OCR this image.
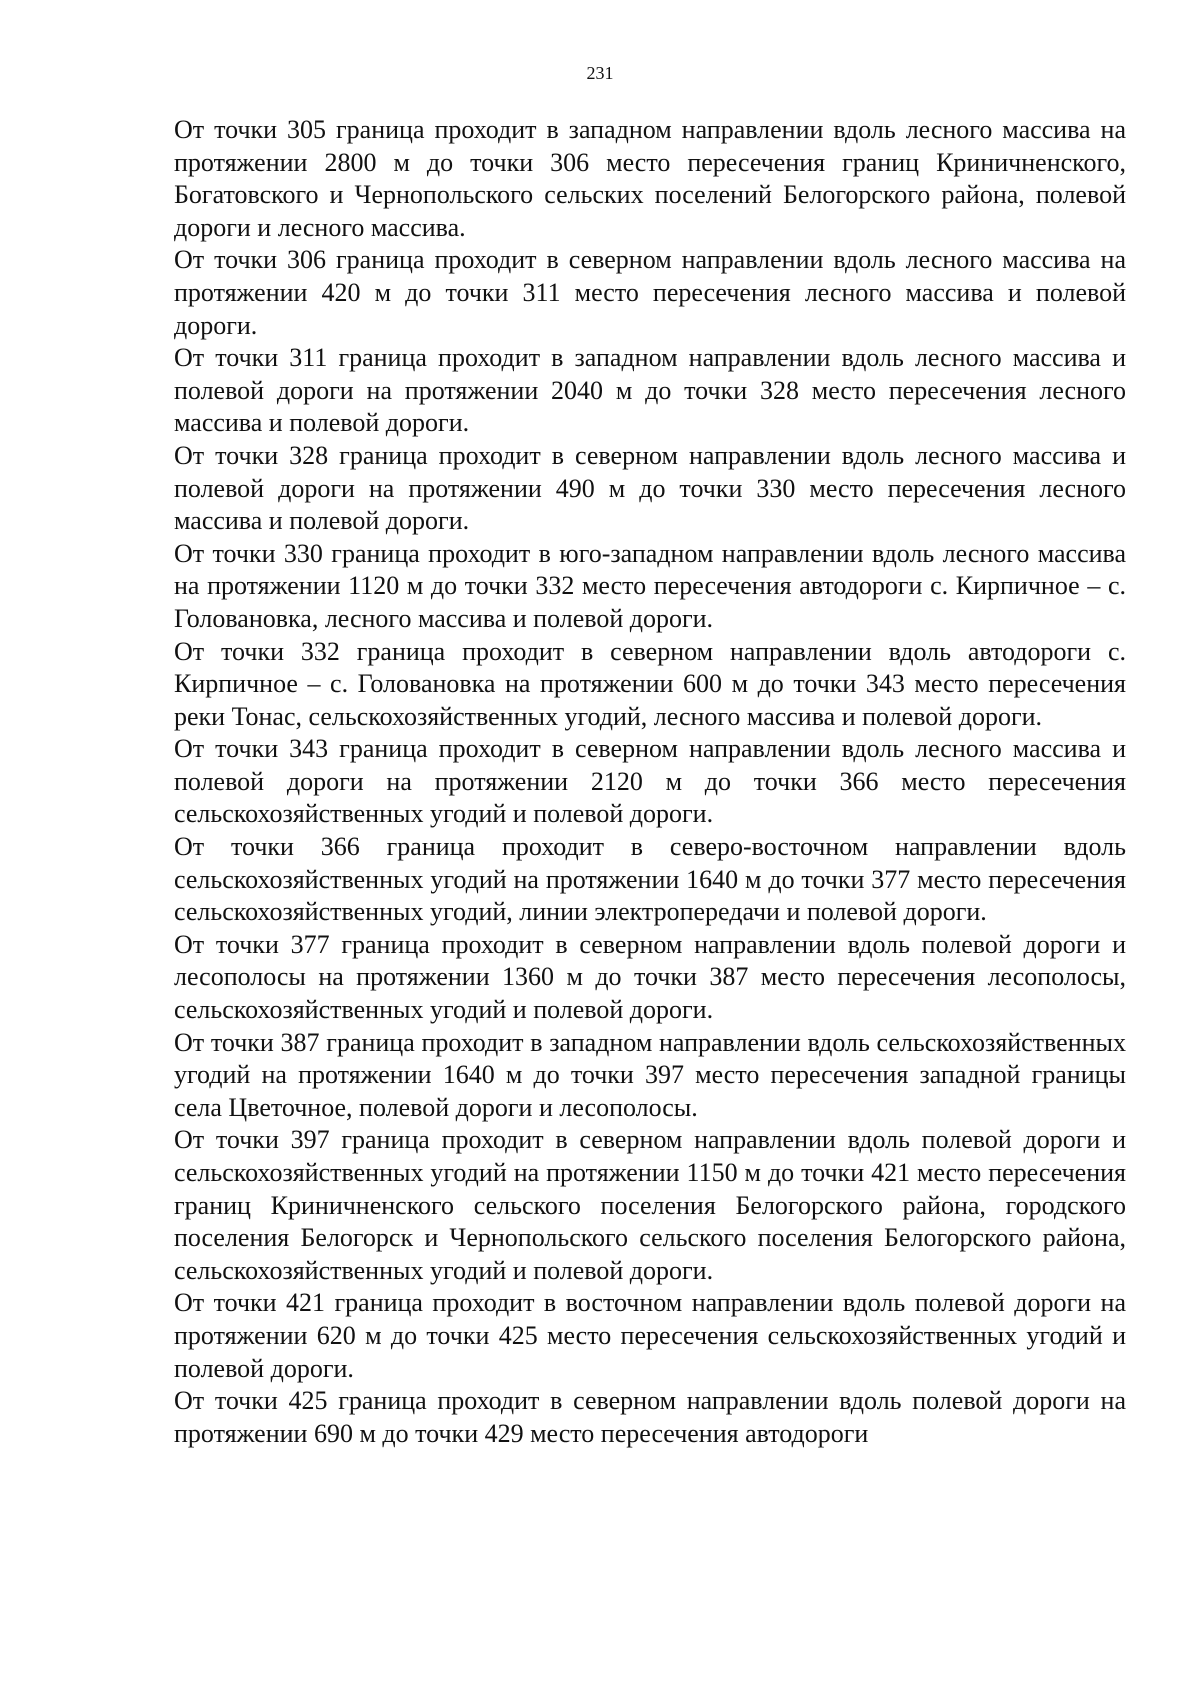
231

От точки 305 граница проходит в западном направлении вдоль лесного массива на протяжении 2800 м до точки 306 место пересечения границ Криничненского, Богатовского и Чернопольского сельских поселений Белогорского района, полевой дороги и лесного массива.

От точки 306 граница проходит в северном направлении вдоль лесного массива на протяжении 420 м до точки 311 место пересечения лесного массива и полевой дороги.

От точки 311 граница проходит в западном направлении вдоль лесного массива и полевой дороги на протяжении 2040 м до точки 328 место пересечения лесного массива и полевой дороги.

От точки 328 граница проходит в северном направлении вдоль лесного массива и полевой дороги на протяжении 490 м до точки 330 место пересечения лесного массива и полевой дороги.

От точки 330 граница проходит в юго-западном направлении вдоль лесного массива на протяжении 1120 м до точки 332 место пересечения автодороги с. Кирпичное – с. Голованoвка, лесного массива и полевой дороги.

От точки 332 граница проходит в северном направлении вдоль автодороги с. Кирпичное – с. Голованoвка на протяжении 600 м до точки 343 место пересечения реки Тонас, сельскохозяйственных угодий, лесного массива и полевой дороги.

От точки 343 граница проходит в северном направлении вдоль лесного массива и полевой дороги на протяжении 2120 м до точки 366 место пересечения сельскохозяйственных угодий и полевой дороги.

От точки 366 граница проходит в северо-восточном направлении вдоль сельскохозяйственных угодий на протяжении 1640 м до точки 377 место пересечения сельскохозяйственных угодий, линии электропередачи и полевой дороги.

От точки 377 граница проходит в северном направлении вдоль полевой дороги и лесополосы на протяжении 1360 м до точки 387 место пересечения лесополосы, сельскохозяйственных угодий и полевой дороги.

От точки 387 граница проходит в западном направлении вдоль сельскохозяйственных угодий на протяжении 1640 м до точки 397 место пересечения западной границы села Цветочное, полевой дороги и лесополосы.

От точки 397 граница проходит в северном направлении вдоль полевой дороги и сельскохозяйственных угодий на протяжении 1150 м до точки 421 место пересечения границ Криничненского сельского поселения Белогорского района, городского поселения Белогорск и Чернопольского сельского поселения Белогорского района, сельскохозяйственных угодий и полевой дороги.

От точки 421 граница проходит в восточном направлении вдоль полевой дороги на протяжении 620 м до точки 425 место пересечения сельскохозяйственных угодий и полевой дороги.

От точки 425 граница проходит в северном направлении вдоль полевой дороги на протяжении 690 м до точки 429 место пересечения автодороги
